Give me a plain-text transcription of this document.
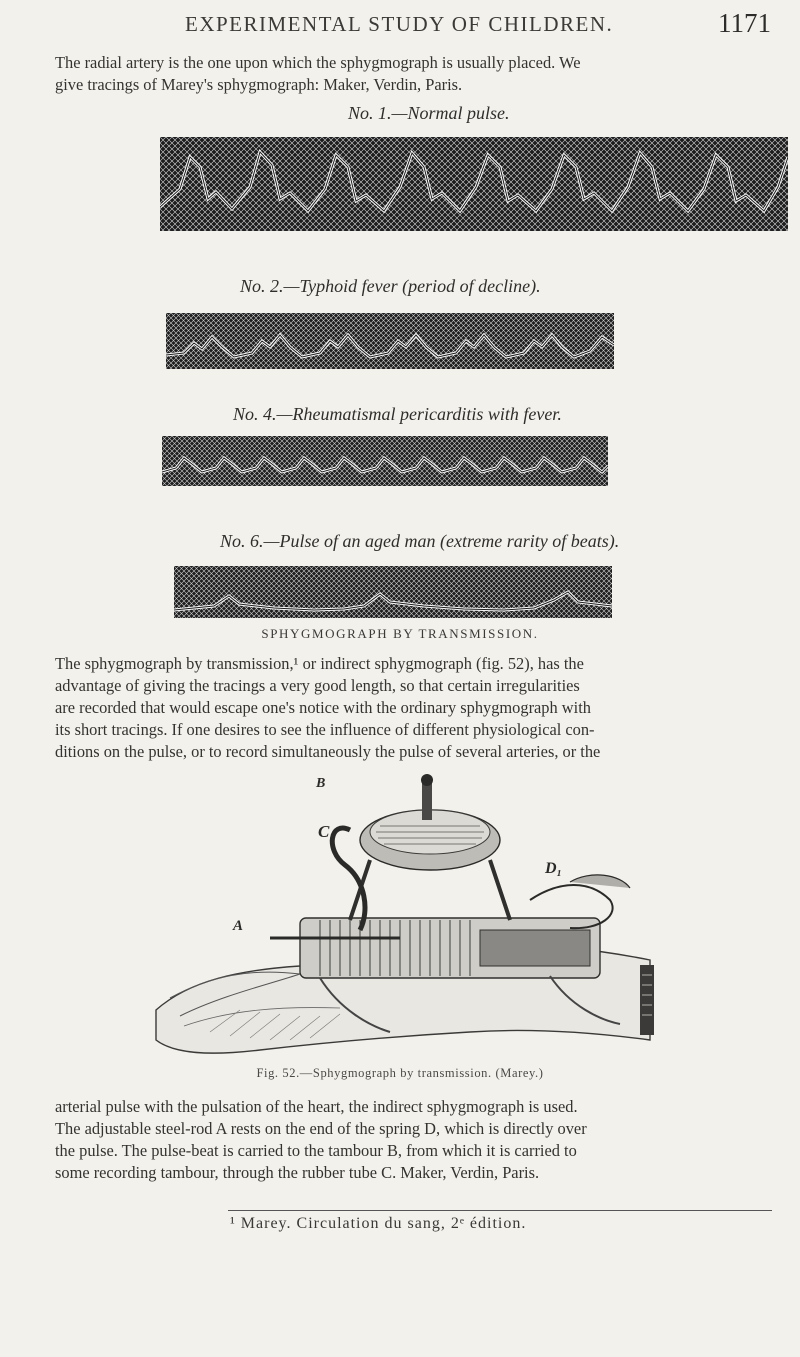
EXPERIMENTAL STUDY OF CHILDREN.	1171
The radial artery is the one upon which the sphygmograph is usually placed. We
give tracings of Marey's sphygmograph: Maker, Verdin, Paris.
No. 1.—Normal pulse.
No. 2.—Typhoid fever (period of decline).
No. 4.—Rheumatismal pericarditis with fever.
No. 6.—Pulse of an aged man (extreme rarity of beats).
SPHYGMOGRAPH BY TRANSMISSION.
The sphygmograph by transmission,¹ or indirect sphygmograph (fig. 52), has the
advantage of giving the tracings a very good length, so that certain irregularities
are recorded that would escape one's notice with the ordinary sphygmograph with
its short tracings. If one desires to see the influence of different physiological con-
ditions on the pulse, or to record simultaneously the pulse of several arteries, or the
B
C₁
D₁
A
Fig. 52.—Sphygmograph by transmission. (Marey.)
arterial pulse with the pulsation of the heart, the indirect sphygmograph is used.
The adjustable steel-rod A rests on the end of the spring D, which is directly over
the pulse. The pulse-beat is carried to the tambour B, from which it is carried to
some recording tambour, through the rubber tube C. Maker, Verdin, Paris.
¹ Marey. Circulation du sang, 2ᵉ édition.
